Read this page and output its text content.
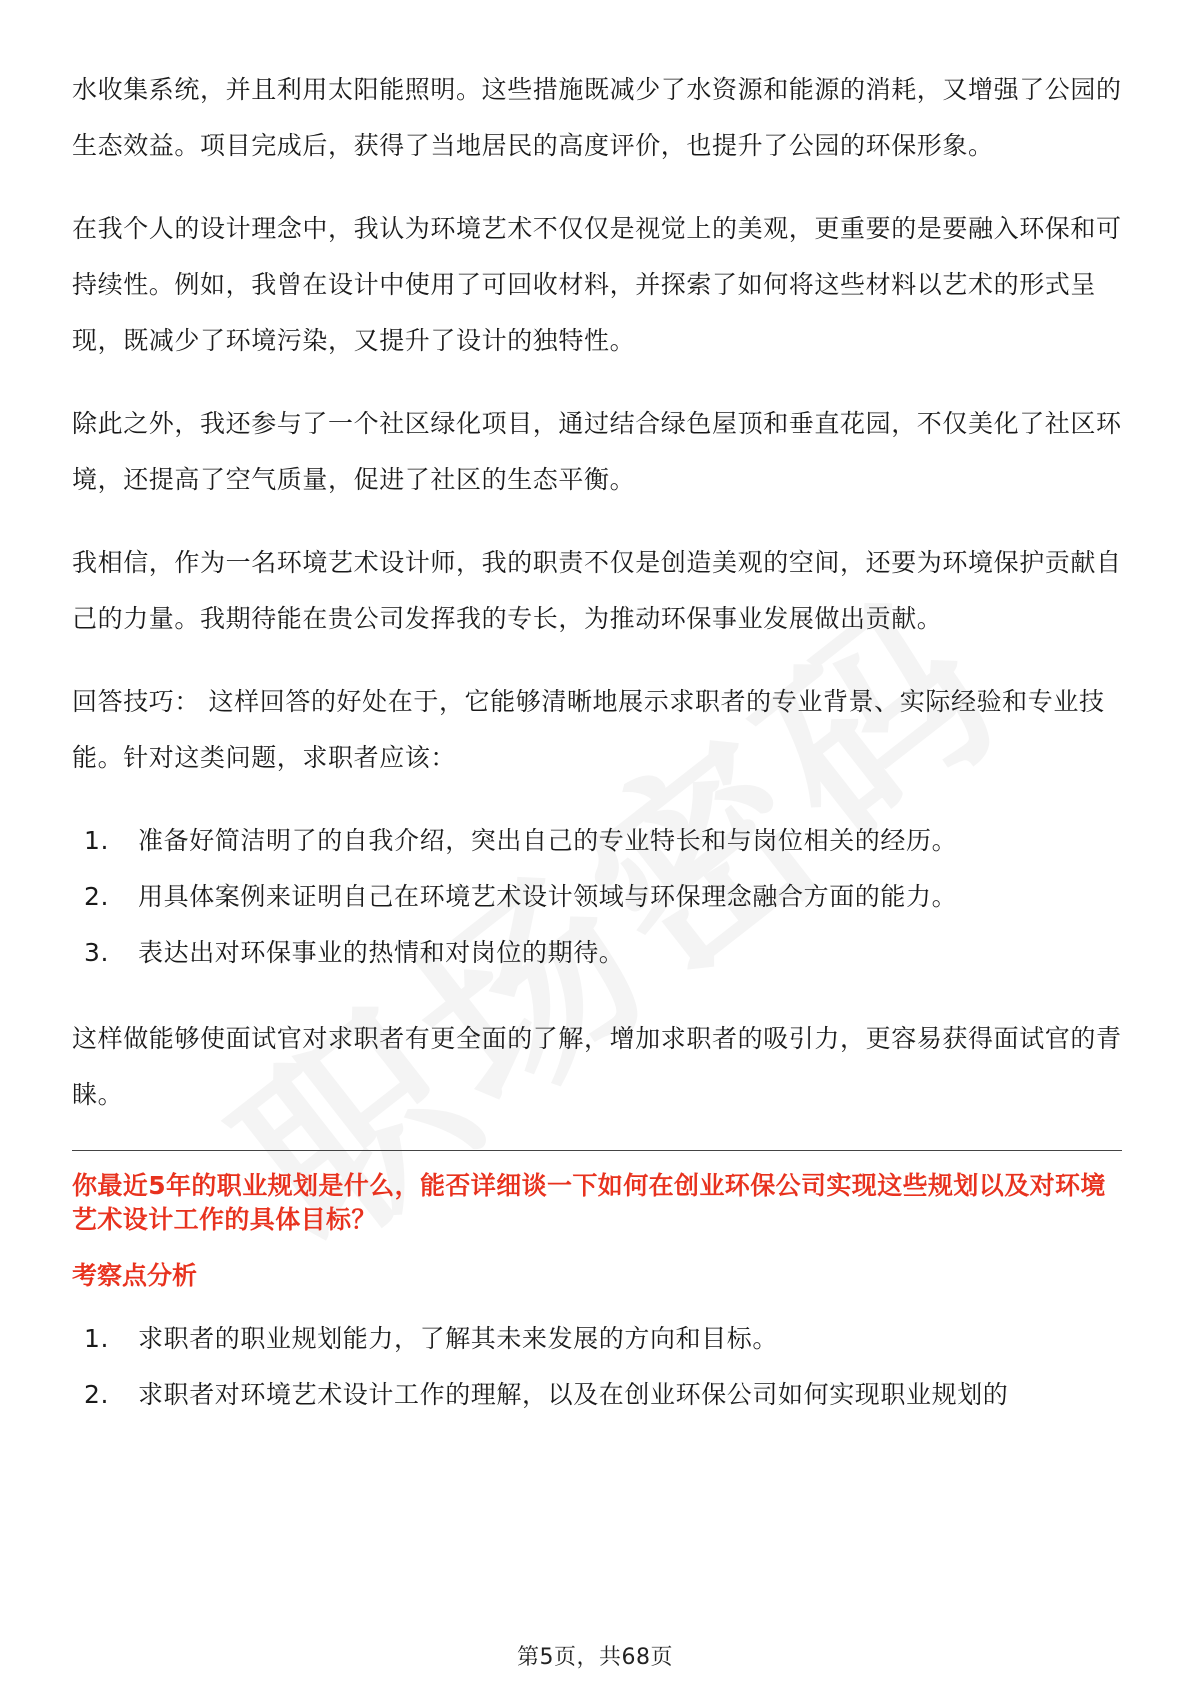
水收集系统，并且利用太阳能照明。这些措施既减少了水资源和能源的消耗，又增强了公园的生态效益。项目完成后，获得了当地居民的高度评价，也提升了公园的环保形象。

在我个人的设计理念中，我认为环境艺术不仅仅是视觉上的美观，更重要的是要融入环保和可持续性。例如，我曾在设计中使用了可回收材料，并探索了如何将这些材料以艺术的形式呈现，既减少了环境污染，又提升了设计的独特性。

除此之外，我还参与了一个社区绿化项目，通过结合绿色屋顶和垂直花园，不仅美化了社区环境，还提高了空气质量，促进了社区的生态平衡。

我相信，作为一名环境艺术设计师，我的职责不仅是创造美观的空间，还要为环境保护贡献自己的力量。我期待能在贵公司发挥我的专长，为推动环保事业发展做出贡献。

回答技巧： 这样回答的好处在于，它能够清晰地展示求职者的专业背景、实际经验和专业技能。针对这类问题，求职者应该：

1.	准备好简洁明了的自我介绍，突出自己的专业特长和与岗位相关的经历。
2.	用具体案例来证明自己在环境艺术设计领域与环保理念融合方面的能力。
3.	表达出对环保事业的热情和对岗位的期待。

这样做能够使面试官对求职者有更全面的了解，增加求职者的吸引力，更容易获得面试官的青睐。

你最近5年的职业规划是什么，能否详细谈一下如何在创业环保公司实现这些规划以及对环境艺术设计工作的具体目标？
考察点分析
1.	求职者的职业规划能力，了解其未来发展的方向和目标。
2.	求职者对环境艺术设计工作的理解，以及在创业环保公司如何实现职业规划的
第5页，共68页
